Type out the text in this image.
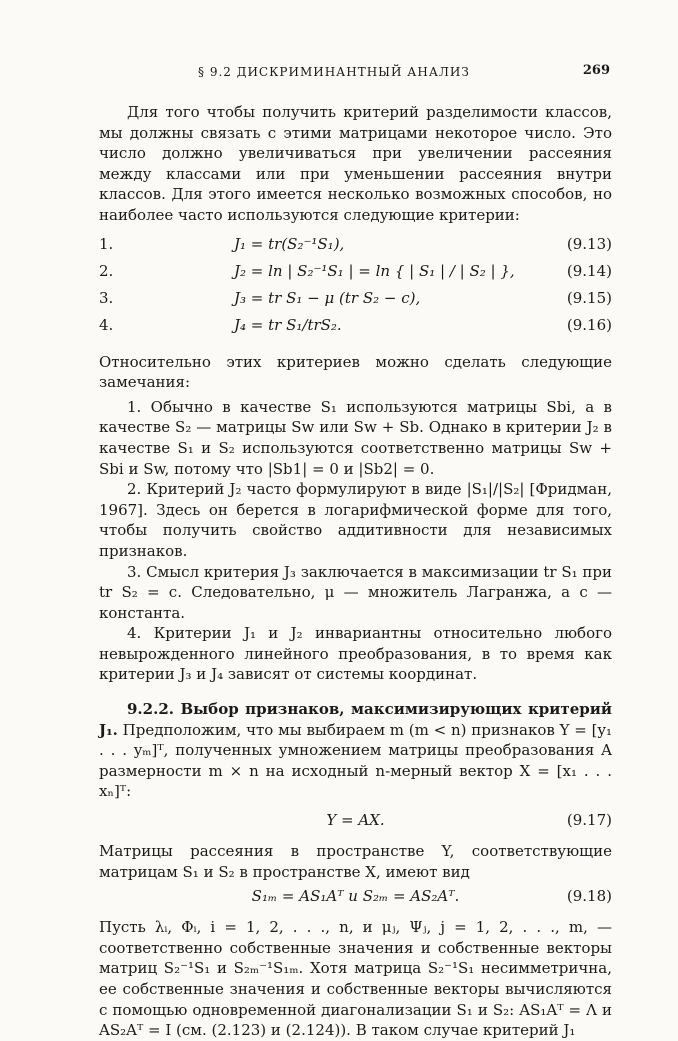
§ 9.2 ДИСКРИМИНАНТНЫЙ АНАЛИЗ	269

Для того чтобы получить критерий разделимости классов, мы должны связать с этими матрицами некоторое число. Это число должно увеличиваться при увеличении рассеяния между классами или при уменьшении рассеяния внутри классов. Для этого имеется несколько возможных способов, но наиболее часто используются следующие критерии:

1.	J₁ = tr(S₂⁻¹S₁),	(9.13)
2.	J₂ = ln | S₂⁻¹S₁ | = ln { | S₁ | / | S₂ | },	(9.14)
3.	J₃ = tr S₁ − μ (tr S₂ − c),	(9.15)
4.	J₄ = tr S₁/trS₂.	(9.16)

Относительно этих критериев можно сделать следующие замечания:

1. Обычно в качестве S₁ используются матрицы Sbi, а в качестве S₂ — матрицы Sw или Sw + Sb. Однако в критерии J₂ в качестве S₁ и S₂ используются соответственно матрицы Sw + Sbi и Sw, потому что |Sb1| = 0 и |Sb2| = 0.

2. Критерий J₂ часто формулируют в виде |S₁|/|S₂| [Фридман, 1967]. Здесь он берется в логарифмической форме для того, чтобы получить свойство аддитивности для независимых признаков.

3. Смысл критерия J₃ заключается в максимизации tr S₁ при tr S₂ = c. Следовательно, μ — множитель Лагранжа, а c — константа.

4. Критерии J₁ и J₂ инвариантны относительно любого невырожденного линейного преобразования, в то время как критерии J₃ и J₄ зависят от системы координат.

9.2.2. Выбор признаков, максимизирующих критерий J₁. Предположим, что мы выбираем m (m < n) признаков Y = [y₁ . . . yₘ]ᵀ, полученных умножением матрицы преобразования A размерности m × n на исходный n-мерный вектор X = [x₁ . . . xₙ]ᵀ:

Y = AX.	(9.17)

Матрицы рассеяния в пространстве Y, соответствующие матрицам S₁ и S₂ в пространстве X, имеют вид

S₁ₘ = AS₁Aᵀ и S₂ₘ = AS₂Aᵀ.	(9.18)

Пусть λᵢ, Φᵢ, i = 1, 2, . . ., n, и μⱼ, Ψⱼ, j = 1, 2, . . ., m, — соответственно собственные значения и собственные векторы матриц S₂⁻¹S₁ и S₂ₘ⁻¹S₁ₘ. Хотя матрица S₂⁻¹S₁ несимметрична, ее собственные значения и собственные векторы вычисляются с помощью одновременной диагонализации S₁ и S₂: AS₁Aᵀ = Λ и AS₂Aᵀ = I (см. (2.123) и (2.124)). В таком случае критерий J₁
